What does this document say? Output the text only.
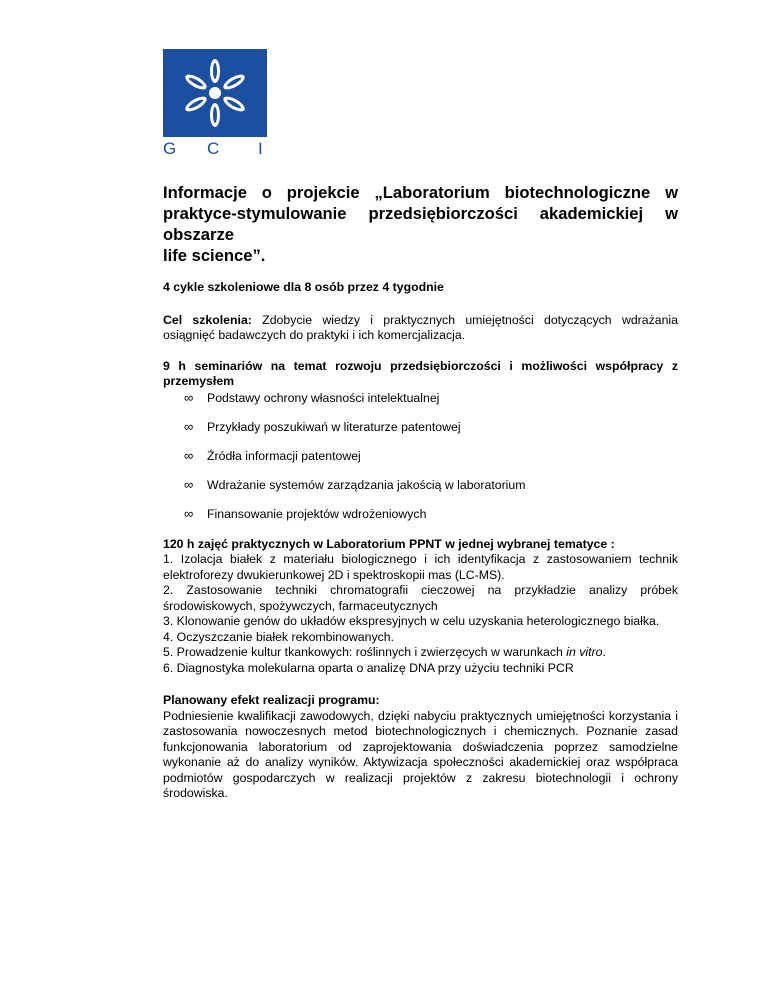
G C I
Informacje o projekcie „Laboratorium biotechnologiczne w
praktyce-stymulowanie przedsiębiorczości akademickiej w obszarze
life science”.

4 cykle szkoleniowe dla 8 osób przez 4 tygodnie

Cel szkolenia: Zdobycie wiedzy i praktycznych umiejętności dotyczących wdrażania osiągnięć badawczych do praktyki i ich komercjalizacja.

9 h seminariów na temat rozwoju przedsiębiorczości i możliwości współpracy z przemysłem

∞ Podstawy ochrony własności intelektualnej
∞ Przykłady poszukiwań w literaturze patentowej
∞ Źródła informacji patentowej
∞ Wdrażanie systemów zarządzania jakością w laboratorium
∞ Finansowanie projektów wdrożeniowych

120 h zajęć praktycznych w Laboratorium PPNT w jednej wybranej tematyce :

1. Izolacja białek z materiału biologicznego i ich identyfikacja z zastosowaniem technik elektroforezy dwukierunkowej 2D i spektroskopii mas (LC-MS).

2. Zastosowanie techniki chromatografii cieczowej na przykładzie analizy próbek środowiskowych, spożywczych, farmaceutycznych

3. Klonowanie genów do układów ekspresyjnych w celu uzyskania heterologicznego białka.

4. Oczyszczanie białek rekombinowanych.

5. Prowadzenie kultur tkankowych: roślinnych i zwierzęcych w warunkach in vitro.

6. Diagnostyka molekularna oparta o analizę DNA przy użyciu techniki PCR

Planowany efekt realizacji programu:

Podniesienie kwalifikacji zawodowych, dzięki nabyciu praktycznych umiejętności korzystania i zastosowania nowoczesnych metod biotechnologicznych i chemicznych. Poznanie zasad funkcjonowania laboratorium od zaprojektowania doświadczenia poprzez samodzielne wykonanie aż do analizy wyników. Aktywizacja społeczności akademickiej oraz współpraca podmiotów gospodarczych w realizacji projektów z zakresu biotechnologii i ochrony środowiska.
